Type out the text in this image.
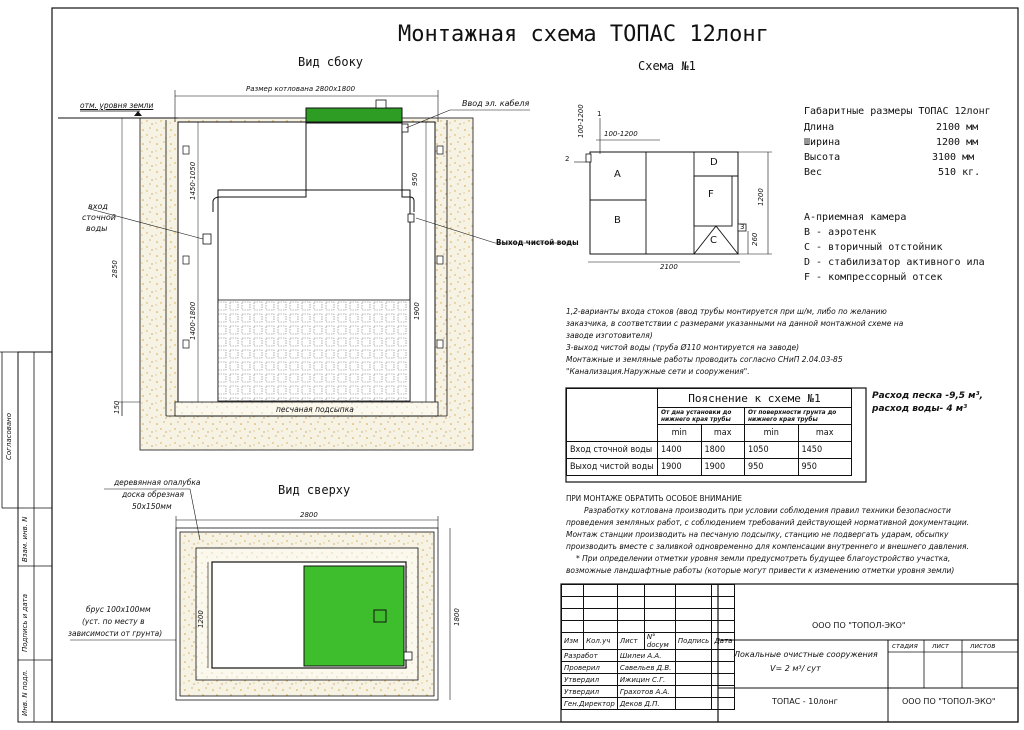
Монтажная схема ТОПАС 12лонг
Вид сбоку
отм. уровня земли
Размер котлована 2800х1800
Ввод эл. кабеля
вход
сточной
воды
Выход чистой воды
песчаная подсыпка
1450-1050	950
2850
1400-1800	1900
150
Схема №1
1
2
3
100-1200
100-1200
2100
1200
260
A
B
D
F
C
Габаритные размеры ТОПАС 12лонг
Длина	2100 мм
Ширина	1200 мм
Высота	3100 мм
Вес	510 кг.
A-приемная камера
B - аэротенк
C - вторичный отстойник
D - стабилизатор активного ила
F - компрессорный отсек
1,2-варианты входа стоков (ввод трубы монтируется при ш/м, либо по желанию
заказчика, в соответствии с размерами указанными на данной монтажной схеме на
заводе изготовителя)
3-выход чистой воды (труба Ø110 монтируется на заводе)
Монтажные и земляные работы проводить согласно СНиП 2.04.03-85
"Канализация.Наружные сети и сооружения".
	Пояснение к схеме №1			
	От дна установки до нижнего края трубы		От поверхности грунта до нижнего края трубы	
	min	max	min	max
Вход сточной воды	1400	1800	1050	1450
Выход чистой воды	1900	1900	950	950
Расход песка -9,5 м³,
расход воды- 4 м³
ПРИ МОНТАЖЕ ОБРАТИТЬ ОСОБОЕ ВНИМАНИЕ
Разработку котлована производить при условии соблюдения правил техники безопасности
проведения земляных работ, с соблюдением требований действующей нормативной документации.
Монтаж станции производить на песчаную подсыпку, станцию не подвергать ударам, обсыпку
производить вместе с заливкой одновременно для компенсации внутреннего и внешнего давления.
* При определении отметки уровня земли предусмотреть будущее благоустройство участка,
возможные ландшафтные работы (которые могут привести к изменению отметки уровня земли)
Вид сверху
деревянная опалубка
доска обрезная
50х150мм
брус 100х100мм
(уст. по месту в
зависимости от грунта)
2800
1800
1200
Согласовано
Взам. инв. N
Подпись и дата
Инв. N подл.

Изм	Кол.уч	Лист	N° docум	Подпись	Дата
Разработ		Шилеи А.А.			
Проверил		Савельев Д.В.			
Утвердил		Ижицин С.Г.			
Утвердил		Грахотов А.А.			
Ген.Директор		Деков Д.П.			
ООО ПО "ТОПОЛ-ЭКО"
Локальные очистные сооружения
V= 2 м³/ сут
стадия лист	листов
ТОПАС - 10лонг	ООО ПО "ТОПОЛ-ЭКО"
